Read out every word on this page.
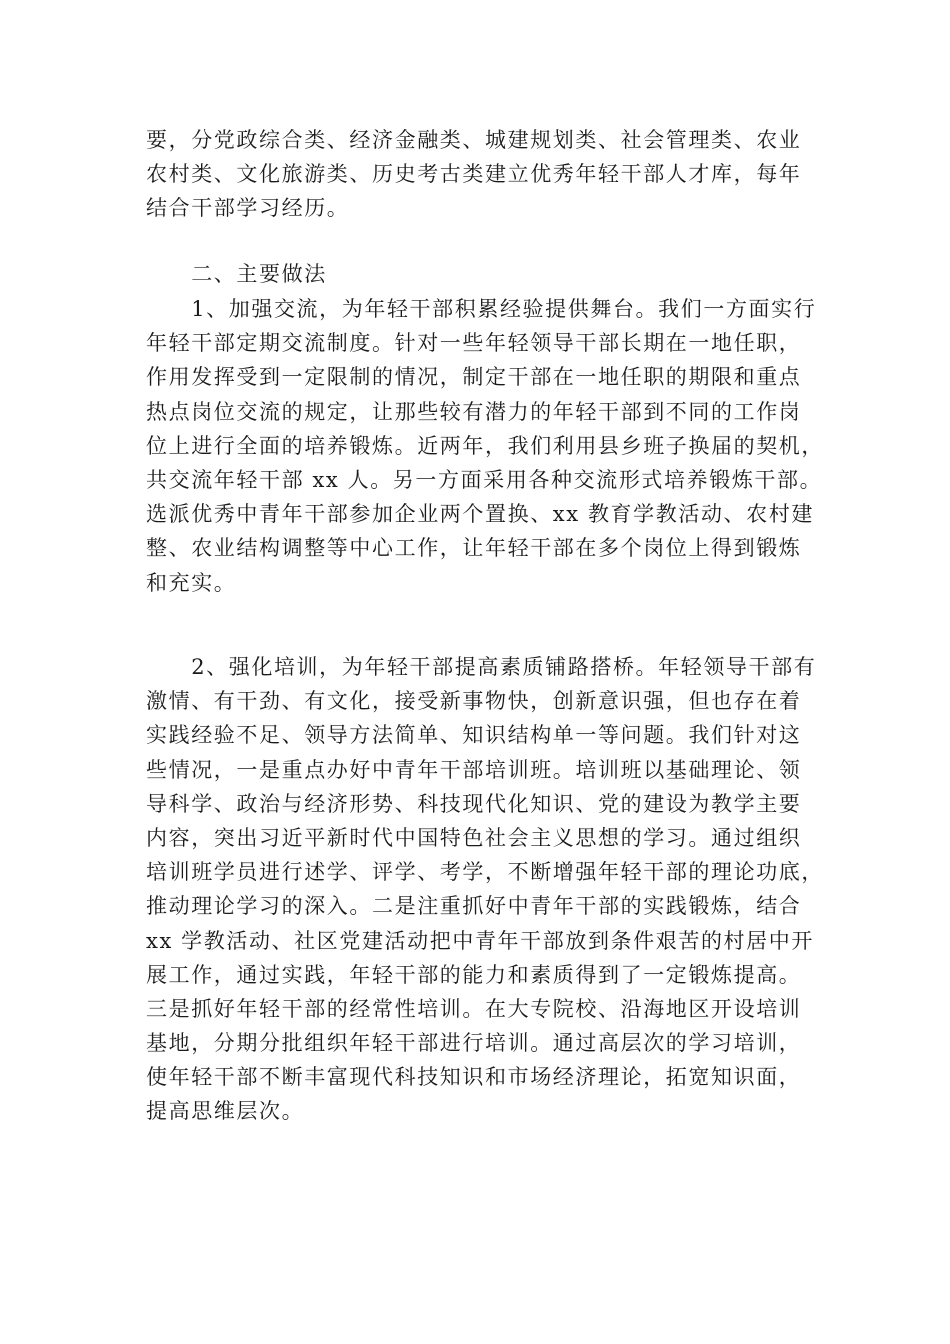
要，分党政综合类、经济金融类、城建规划类、社会管理类、农业
农村类、文化旅游类、历史考古类建立优秀年轻干部人才库，每年
结合干部学习经历。
　　二、主要做法
　　1、加强交流，为年轻干部积累经验提供舞台。我们一方面实行
年轻干部定期交流制度。针对一些年轻领导干部长期在一地任职，
作用发挥受到一定限制的情况，制定干部在一地任职的期限和重点
热点岗位交流的规定，让那些较有潜力的年轻干部到不同的工作岗
位上进行全面的培养锻炼。近两年，我们利用县乡班子换届的契机，
共交流年轻干部 xx 人。另一方面采用各种交流形式培养锻炼干部。
选派优秀中青年干部参加企业两个置换、xx 教育学教活动、农村建
整、农业结构调整等中心工作，让年轻干部在多个岗位上得到锻炼
和充实。
　　2、强化培训，为年轻干部提高素质铺路搭桥。年轻领导干部有
激情、有干劲、有文化，接受新事物快，创新意识强，但也存在着
实践经验不足、领导方法简单、知识结构单一等问题。我们针对这
些情况，一是重点办好中青年干部培训班。培训班以基础理论、领
导科学、政治与经济形势、科技现代化知识、党的建设为教学主要
内容，突出习近平新时代中国特色社会主义思想的学习。通过组织
培训班学员进行述学、评学、考学，不断增强年轻干部的理论功底，
推动理论学习的深入。二是注重抓好中青年干部的实践锻炼，结合
xx 学教活动、社区党建活动把中青年干部放到条件艰苦的村居中开
展工作，通过实践，年轻干部的能力和素质得到了一定锻炼提高。
三是抓好年轻干部的经常性培训。在大专院校、沿海地区开设培训
基地，分期分批组织年轻干部进行培训。通过高层次的学习培训，
使年轻干部不断丰富现代科技知识和市场经济理论，拓宽知识面，
提高思维层次。
